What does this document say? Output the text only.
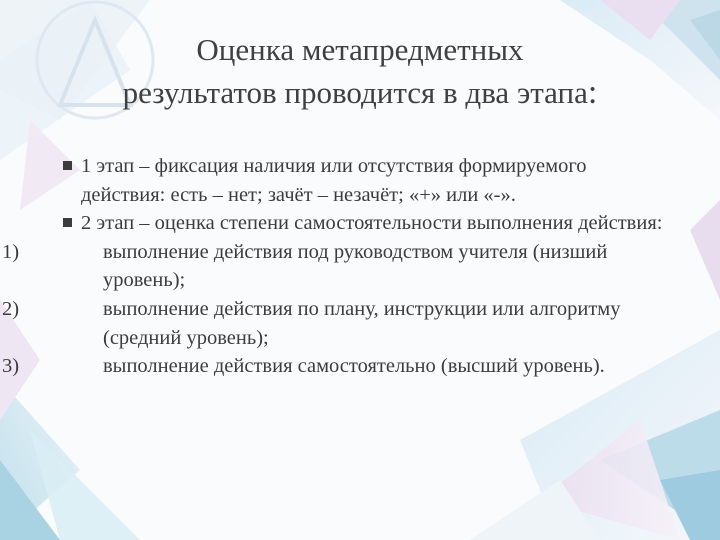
Оценка метапредметных
результатов проводится в два этапа:
1 этап – фиксация наличия или отсутствия формируемого действия: есть – нет; зачёт – незачёт; «+» или «-».
2 этап – оценка степени самостоятельности выполнения действия:
1)	выполнение действия под руководством учителя (низший уровень);
2)	выполнение действия по плану, инструкции или алгоритму (средний уровень);
3)	выполнение действия самостоятельно (высший уровень).
